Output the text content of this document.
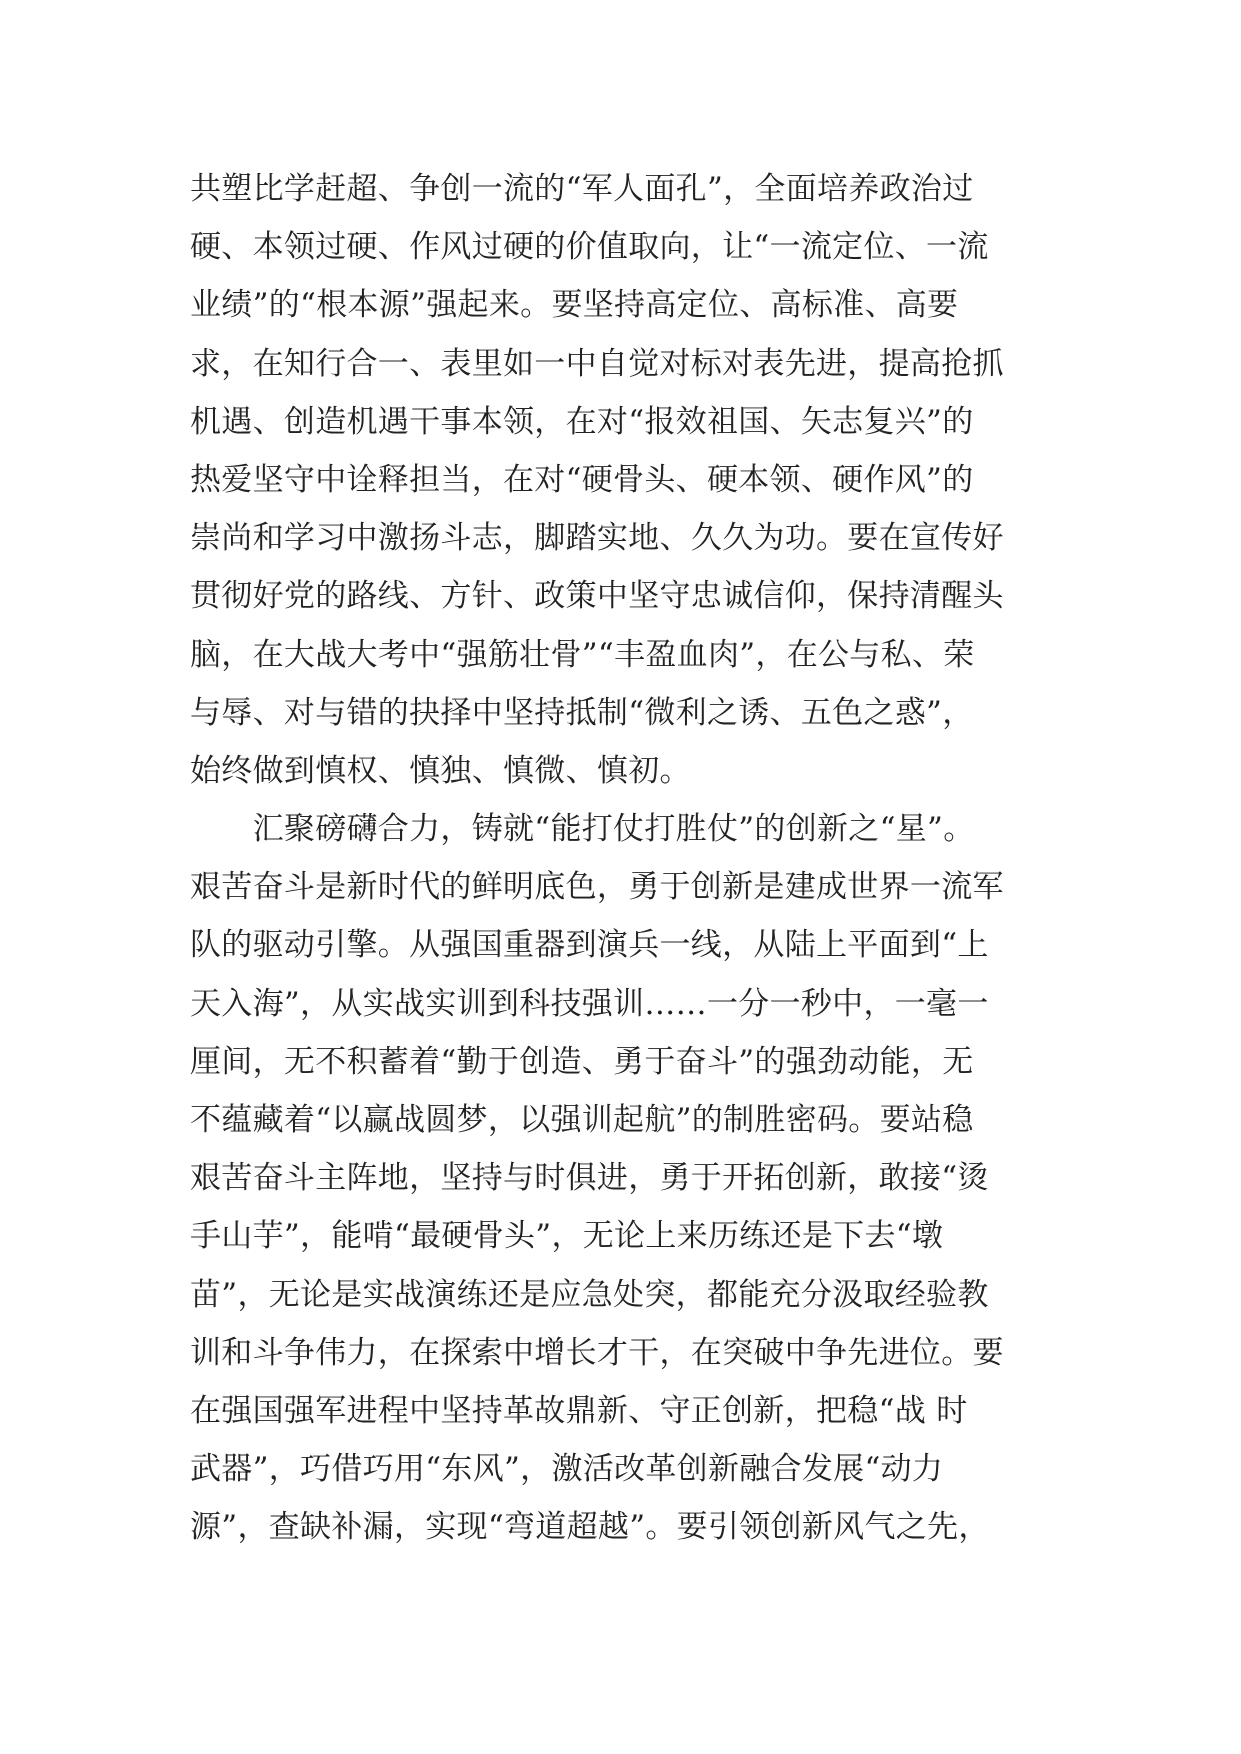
共塑比学赶超、争创一流的“军人面孔”，全面培养政治过
硬、本领过硬、作风过硬的价值取向，让“一流定位、一流
业绩”的“根本源”强起来。要坚持高定位、高标准、高要
求，在知行合一、表里如一中自觉对标对表先进，提高抢抓
机遇、创造机遇干事本领，在对“报效祖国、矢志复兴”的
热爱坚守中诠释担当，在对“硬骨头、硬本领、硬作风”的
崇尚和学习中激扬斗志，脚踏实地、久久为功。要在宣传好
贯彻好党的路线、方针、政策中坚守忠诚信仰，保持清醒头
脑，在大战大考中“强筋壮骨”“丰盈血肉”，在公与私、荣
与辱、对与错的抉择中坚持抵制“微利之诱、五色之惑”，
始终做到慎权、慎独、慎微、慎初。
　　汇聚磅礴合力，铸就“能打仗打胜仗”的创新之“星”。
艰苦奋斗是新时代的鲜明底色，勇于创新是建成世界一流军
队的驱动引擎。从强国重器到演兵一线，从陆上平面到“上
天入海”，从实战实训到科技强训……一分一秒中，一毫一
厘间，无不积蓄着“勤于创造、勇于奋斗”的强劲动能，无
不蕴藏着“以赢战圆梦，以强训起航”的制胜密码。要站稳
艰苦奋斗主阵地，坚持与时俱进，勇于开拓创新，敢接“烫
手山芋”，能啃“最硬骨头”，无论上来历练还是下去“墩
苗”，无论是实战演练还是应急处突，都能充分汲取经验教
训和斗争伟力，在探索中增长才干，在突破中争先进位。要
在强国强军进程中坚持革故鼎新、守正创新，把稳“战 时
武器”，巧借巧用“东风”，激活改革创新融合发展“动力
源”，查缺补漏，实现“弯道超越”。要引领创新风气之先，
